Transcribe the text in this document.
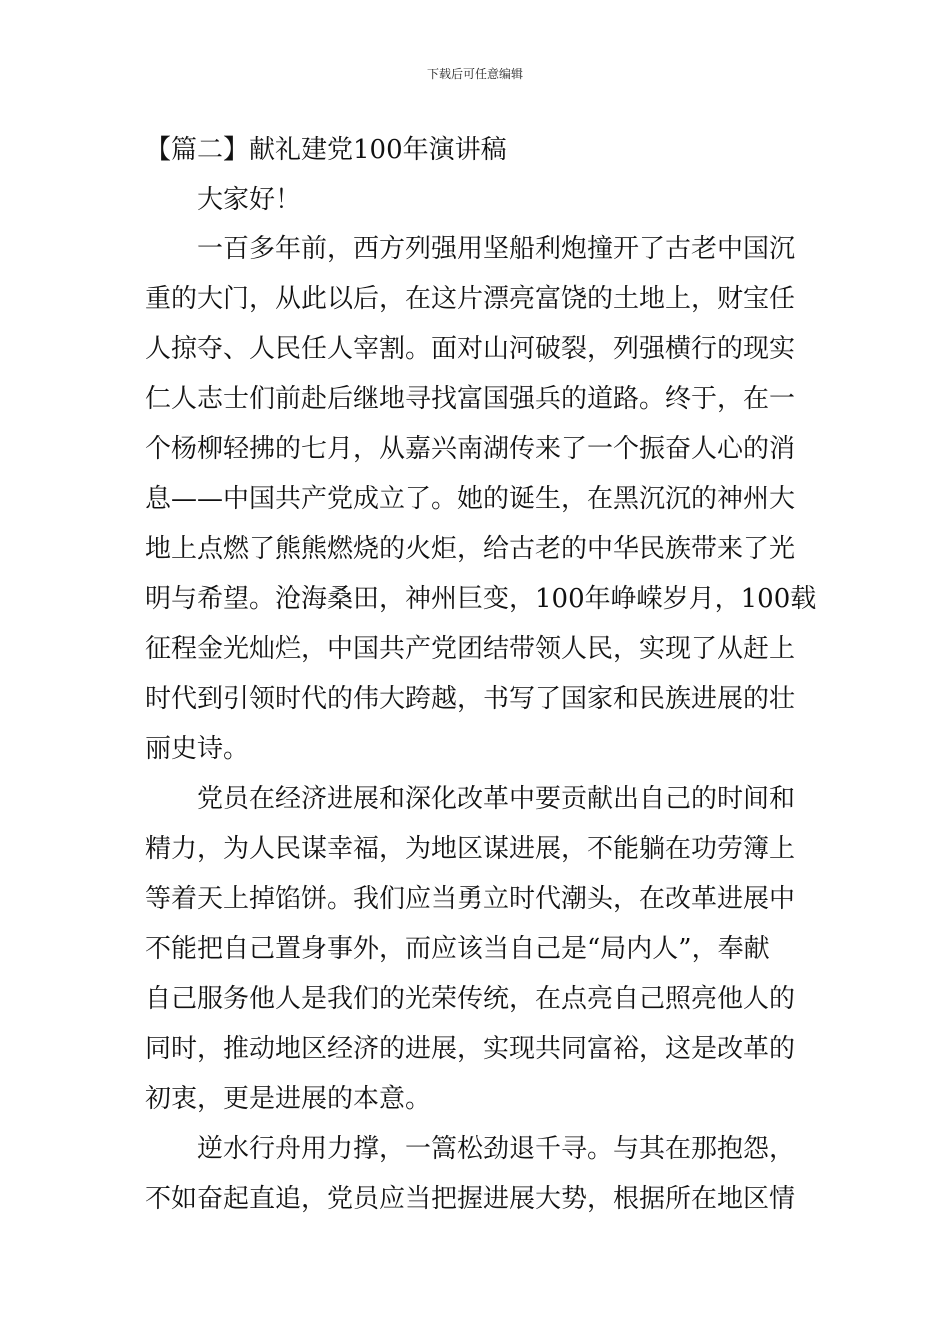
下载后可任意编辑
【篇二】献礼建党100年演讲稿
大家好！
一百多年前，西方列强用坚船利炮撞开了古老中国沉
重的大门，从此以后，在这片漂亮富饶的土地上，财宝任
人掠夺、人民任人宰割。面对山河破裂，列强横行的现实
仁人志士们前赴后继地寻找富国强兵的道路。终于，在一
个杨柳轻拂的七月，从嘉兴南湖传来了一个振奋人心的消
息——中国共产党成立了。她的诞生，在黑沉沉的神州大
地上点燃了熊熊燃烧的火炬，给古老的中华民族带来了光
明与希望。沧海桑田，神州巨变，100年峥嵘岁月，100载
征程金光灿烂，中国共产党团结带领人民，实现了从赶上
时代到引领时代的伟大跨越，书写了国家和民族进展的壮
丽史诗。
党员在经济进展和深化改革中要贡献出自己的时间和
精力，为人民谋幸福，为地区谋进展，不能躺在功劳簿上
等着天上掉馅饼。我们应当勇立时代潮头，在改革进展中
不能把自己置身事外，而应该当自己是“局内人”，奉献
自己服务他人是我们的光荣传统，在点亮自己照亮他人的
同时，推动地区经济的进展，实现共同富裕，这是改革的
初衷，更是进展的本意。
逆水行舟用力撑，一篙松劲退千寻。与其在那抱怨，
不如奋起直追，党员应当把握进展大势，根据所在地区情
